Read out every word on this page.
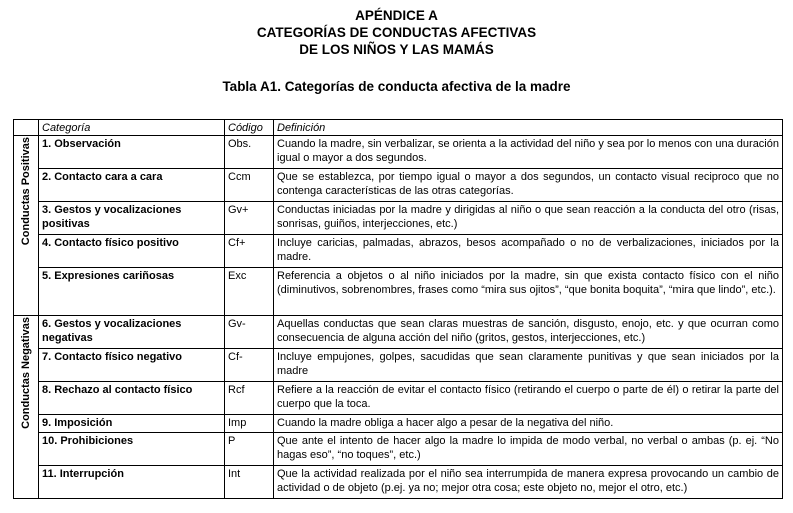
APÉNDICE A
CATEGORÍAS DE CONDUCTAS AFECTIVAS
DE LOS NIÑOS Y LAS MAMÁS
Tabla A1. Categorías de conducta afectiva de la madre
	Categoría	Código	Definición

Conductas Positivas	1. Observación	Obs.	Cuando la madre, sin verbalizar, se orienta a la actividad del niño y sea por lo menos con una duración igual o mayor a dos segundos.
	2. Contacto cara a cara	Ccm	Que se establezca, por tiempo igual o mayor a dos segundos, un contacto visual reciproco que no contenga características de las otras categorías.
	3. Gestos y vocalizaciones positivas	Gv+	Conductas iniciadas por la madre y dirigidas al niño o que sean reacción a la conducta del otro (risas, sonrisas, guiños, interjecciones, etc.)
	4. Contacto físico positivo	Cf+	Incluye caricias, palmadas, abrazos, besos acompañado o no de verbalizaciones, iniciados por la madre.
	5. Expresiones cariñosas	Exc	Referencia a objetos o al niño iniciados por la madre, sin que exista contacto físico con el niño (diminutivos, sobrenombres, frases como “mira sus ojitos”, “que bonita boquita”, “mira que lindo”, etc.).

Conductas Negativas	6. Gestos y vocalizaciones negativas	Gv-	Aquellas conductas que sean claras muestras de sanción, disgusto, enojo, etc. y que ocurran como consecuencia de alguna acción del niño (gritos, gestos, interjecciones, etc.)
	7. Contacto físico negativo	Cf-	Incluye empujones, golpes, sacudidas que sean claramente punitivas y que sean iniciados por la madre
	8. Rechazo al contacto físico	Rcf	Refiere a la reacción de evitar el contacto físico (retirando el cuerpo o parte de él) o retirar la parte del cuerpo que la toca.
	9. Imposición	Imp	Cuando la madre obliga a hacer algo a pesar de la negativa del niño.
	10. Prohibiciones	P	Que ante el intento de hacer algo la madre lo impida de modo verbal, no verbal o ambas (p. ej. “No hagas eso”, “no toques”, etc.)
	11. Interrupción	Int	Que la actividad realizada por el niño sea interrumpida de manera expresa provocando un cambio de actividad o de objeto (p.ej. ya no; mejor otra cosa; este objeto no, mejor el otro, etc.)
